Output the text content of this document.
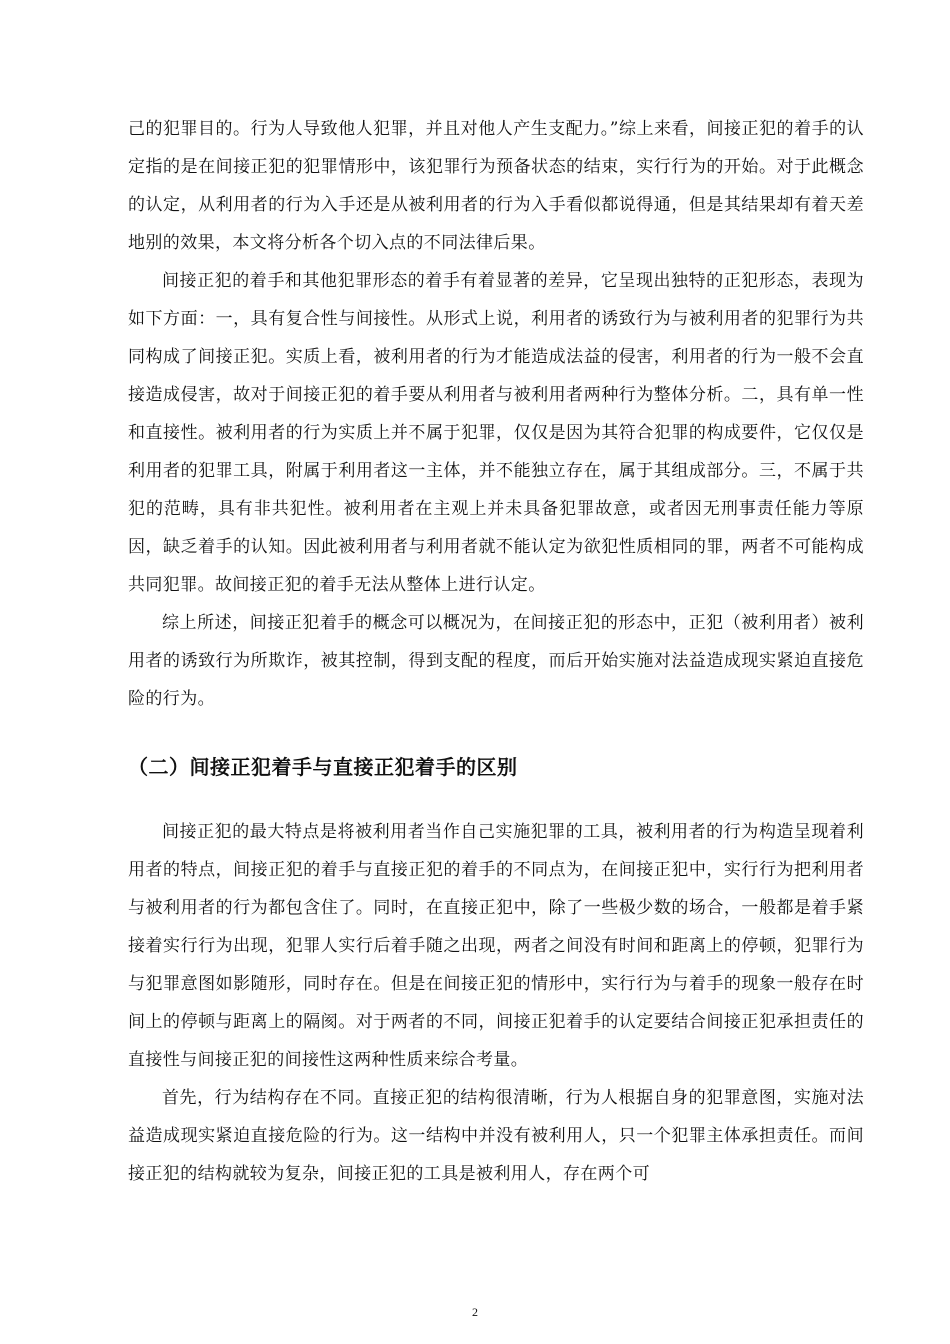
己的犯罪目的。行为人导致他人犯罪，并且对他人产生支配力。”综上来看，间接正犯的着手的认定指的是在间接正犯的犯罪情形中，该犯罪行为预备状态的结束，实行行为的开始。对于此概念的认定，从利用者的行为入手还是从被利用者的行为入手看似都说得通，但是其结果却有着天差地别的效果，本文将分析各个切入点的不同法律后果。

间接正犯的着手和其他犯罪形态的着手有着显著的差异，它呈现出独特的正犯形态，表现为如下方面：一，具有复合性与间接性。从形式上说，利用者的诱致行为与被利用者的犯罪行为共同构成了间接正犯。实质上看，被利用者的行为才能造成法益的侵害，利用者的行为一般不会直接造成侵害，故对于间接正犯的着手要从利用者与被利用者两种行为整体分析。二，具有单一性和直接性。被利用者的行为实质上并不属于犯罪，仅仅是因为其符合犯罪的构成要件，它仅仅是利用者的犯罪工具，附属于利用者这一主体，并不能独立存在，属于其组成部分。三，不属于共犯的范畴，具有非共犯性。被利用者在主观上并未具备犯罪故意，或者因无刑事责任能力等原因，缺乏着手的认知。因此被利用者与利用者就不能认定为欲犯性质相同的罪，两者不可能构成共同犯罪。故间接正犯的着手无法从整体上进行认定。

综上所述，间接正犯着手的概念可以概况为，在间接正犯的形态中，正犯（被利用者）被利用者的诱致行为所欺诈，被其控制，得到支配的程度，而后开始实施对法益造成现实紧迫直接危险的行为。

（二）间接正犯着手与直接正犯着手的区别

间接正犯的最大特点是将被利用者当作自己实施犯罪的工具，被利用者的行为构造呈现着利用者的特点，间接正犯的着手与直接正犯的着手的不同点为，在间接正犯中，实行行为把利用者与被利用者的行为都包含住了。同时，在直接正犯中，除了一些极少数的场合，一般都是着手紧接着实行行为出现，犯罪人实行后着手随之出现，两者之间没有时间和距离上的停顿，犯罪行为与犯罪意图如影随形，同时存在。但是在间接正犯的情形中，实行行为与着手的现象一般存在时间上的停顿与距离上的隔阂。对于两者的不同，间接正犯着手的认定要结合间接正犯承担责任的直接性与间接正犯的间接性这两种性质来综合考量。

首先，行为结构存在不同。直接正犯的结构很清晰，行为人根据自身的犯罪意图，实施对法益造成现实紧迫直接危险的行为。这一结构中并没有被利用人，只一个犯罪主体承担责任。而间接正犯的结构就较为复杂，间接正犯的工具是被利用人，存在两个可

2
